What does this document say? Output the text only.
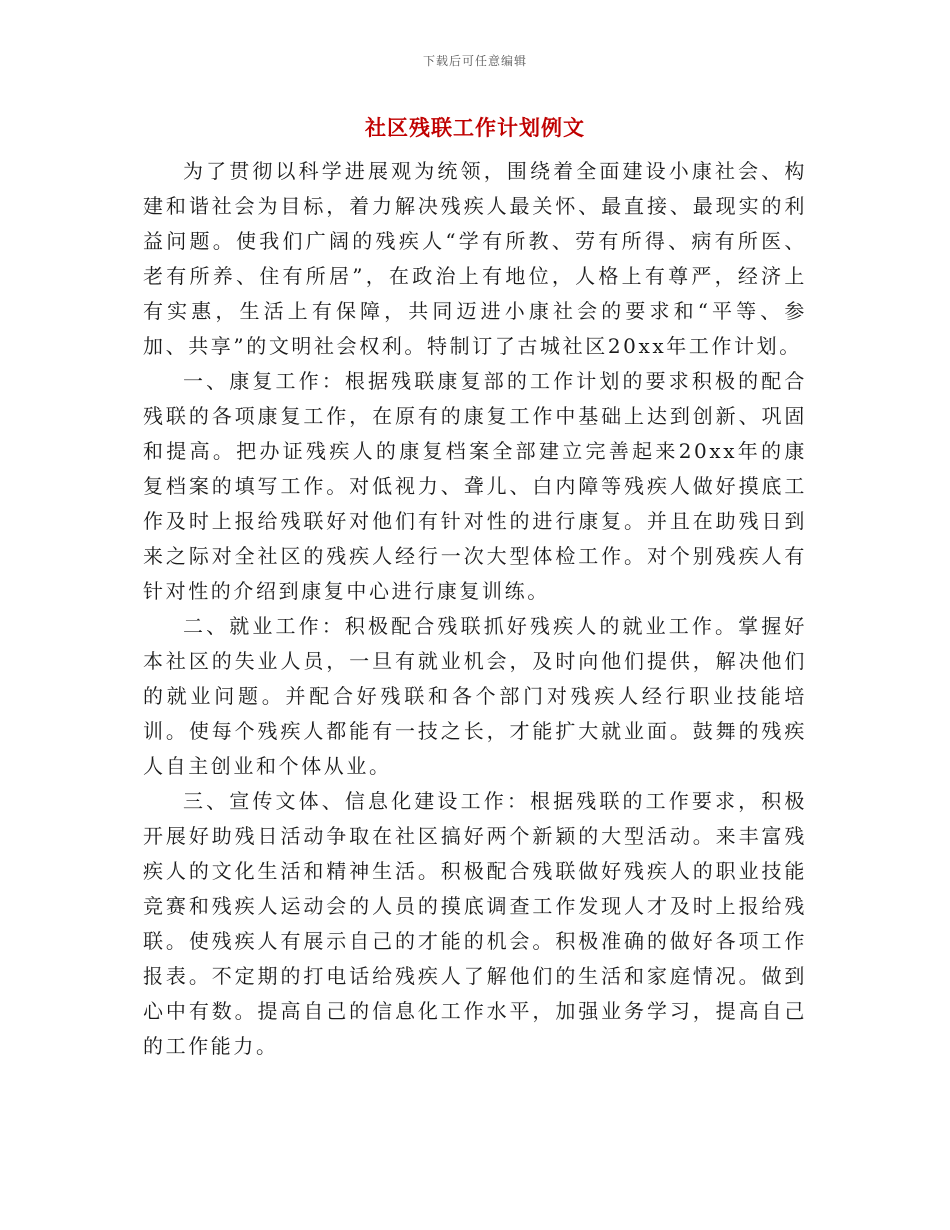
下载后可任意编辑
社区残联工作计划例文

为了贯彻以科学进展观为统领，围绕着全面建设小康社会、构建和谐社会为目标，着力解决残疾人最关怀、最直接、最现实的利益问题。使我们广阔的残疾人“学有所教、劳有所得、病有所医、老有所养、住有所居”，在政治上有地位，人格上有尊严，经济上有实惠，生活上有保障，共同迈进小康社会的要求和“平等、参加、共享”的文明社会权利。特制订了古城社区20xx年工作计划。

一、康复工作：根据残联康复部的工作计划的要求积极的配合残联的各项康复工作，在原有的康复工作中基础上达到创新、巩固和提高。把办证残疾人的康复档案全部建立完善起来20xx年的康复档案的填写工作。对低视力、聋儿、白内障等残疾人做好摸底工作及时上报给残联好对他们有针对性的进行康复。并且在助残日到来之际对全社区的残疾人经行一次大型体检工作。对个别残疾人有针对性的介绍到康复中心进行康复训练。

二、就业工作：积极配合残联抓好残疾人的就业工作。掌握好本社区的失业人员，一旦有就业机会，及时向他们提供，解决他们的就业问题。并配合好残联和各个部门对残疾人经行职业技能培训。使每个残疾人都能有一技之长，才能扩大就业面。鼓舞的残疾人自主创业和个体从业。

三、宣传文体、信息化建设工作：根据残联的工作要求，积极开展好助残日活动争取在社区搞好两个新颖的大型活动。来丰富残疾人的文化生活和精神生活。积极配合残联做好残疾人的职业技能竞赛和残疾人运动会的人员的摸底调查工作发现人才及时上报给残联。使残疾人有展示自己的才能的机会。积极准确的做好各项工作报表。不定期的打电话给残疾人了解他们的生活和家庭情况。做到心中有数。提高自己的信息化工作水平，加强业务学习，提高自己的工作能力。
